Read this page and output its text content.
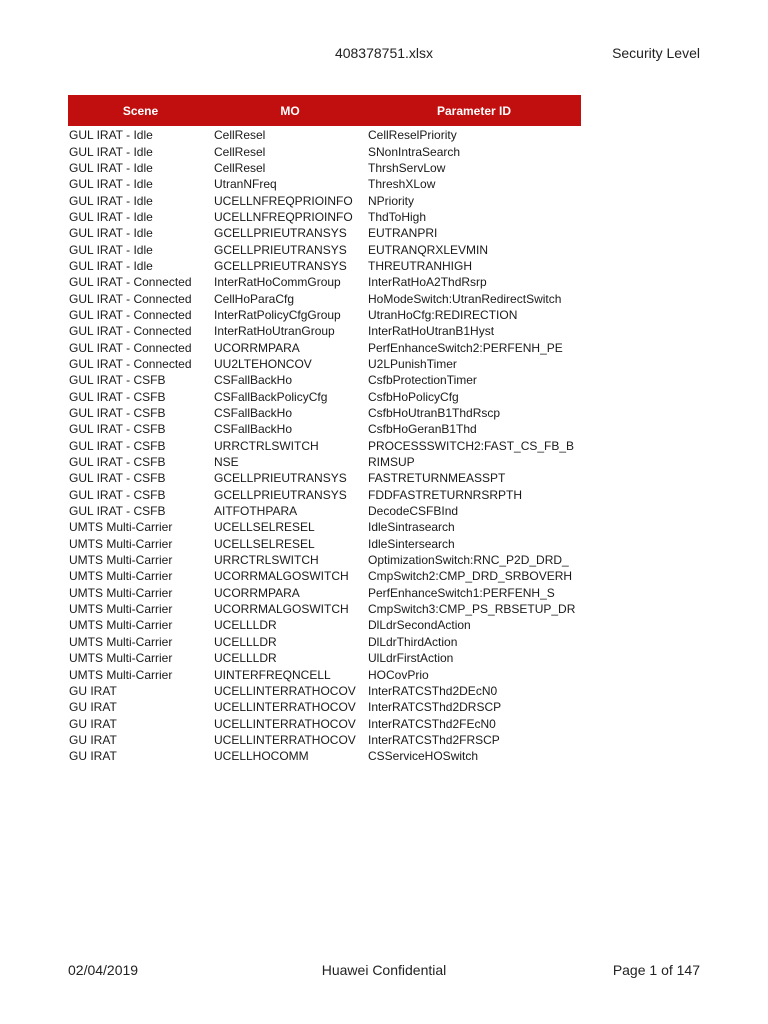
408378751.xlsx	Security Level
Scene	MO	Parameter ID
GUL IRAT - Idle	CellResel	CellReselPriority
GUL IRAT - Idle	CellResel	SNonIntraSearch
GUL IRAT - Idle	CellResel	ThrshServLow
GUL IRAT - Idle	UtranNFreq	ThreshXLow
GUL IRAT - Idle	UCELLNFREQPRIOINFO	NPriority
GUL IRAT - Idle	UCELLNFREQPRIOINFO	ThdToHigh
GUL IRAT - Idle	GCELLPRIEUTRANSYS	EUTRANPRI
GUL IRAT - Idle	GCELLPRIEUTRANSYS	EUTRANQRXLEVMIN
GUL IRAT - Idle	GCELLPRIEUTRANSYS	THREUTRANHIGH
GUL IRAT - Connected	InterRatHoCommGroup	InterRatHoA2ThdRsrp
GUL IRAT - Connected	CellHoParaCfg	HoModeSwitch:UtranRedirectSwitch
GUL IRAT - Connected	InterRatPolicyCfgGroup	UtranHoCfg:REDIRECTION
GUL IRAT - Connected	InterRatHoUtranGroup	InterRatHoUtranB1Hyst
GUL IRAT - Connected	UCORRMPARA	PerfEnhanceSwitch2:PERFENH_PE
GUL IRAT - Connected	UU2LTEHONCOV	U2LPunishTimer
GUL IRAT - CSFB	CSFallBackHo	CsfbProtectionTimer
GUL IRAT - CSFB	CSFallBackPolicyCfg	CsfbHoPolicyCfg
GUL IRAT - CSFB	CSFallBackHo	CsfbHoUtranB1ThdRscp
GUL IRAT - CSFB	CSFallBackHo	CsfbHoGeranB1Thd
GUL IRAT - CSFB	URRCTRLSWITCH	PROCESSSWITCH2:FAST_CS_FB_B
GUL IRAT - CSFB	NSE	RIMSUP
GUL IRAT - CSFB	GCELLPRIEUTRANSYS	FASTRETURNMEASSPT
GUL IRAT - CSFB	GCELLPRIEUTRANSYS	FDDFASTRETURNRSRPTH
GUL IRAT - CSFB	AITFOTHPARA	DecodeCSFBInd
UMTS Multi-Carrier	UCELLSELRESEL	IdleSintrasearch
UMTS Multi-Carrier	UCELLSELRESEL	IdleSintersearch
UMTS Multi-Carrier	URRCTRLSWITCH	OptimizationSwitch:RNC_P2D_DRD_
UMTS Multi-Carrier	UCORRMALGOSWITCH	CmpSwitch2:CMP_DRD_SRBOVERH
UMTS Multi-Carrier	UCORRMPARA	PerfEnhanceSwitch1:PERFENH_S
UMTS Multi-Carrier	UCORRMALGOSWITCH	CmpSwitch3:CMP_PS_RBSETUP_DR
UMTS Multi-Carrier	UCELLLDR	DlLdrSecondAction
UMTS Multi-Carrier	UCELLLDR	DlLdrThirdAction
UMTS Multi-Carrier	UCELLLDR	UlLdrFirstAction
UMTS Multi-Carrier	UINTERFREQNCELL	HOCovPrio
GU IRAT	UCELLINTERRATHOCOV	InterRATCSThd2DEcN0
GU IRAT	UCELLINTERRATHOCOV	InterRATCSThd2DRSCP
GU IRAT	UCELLINTERRATHOCOV	InterRATCSThd2FEcN0
GU IRAT	UCELLINTERRATHOCOV	InterRATCSThd2FRSCP
GU IRAT	UCELLHOCOMM	CSServiceHOSwitch
02/04/2019	Huawei Confidential	Page 1 of 147
